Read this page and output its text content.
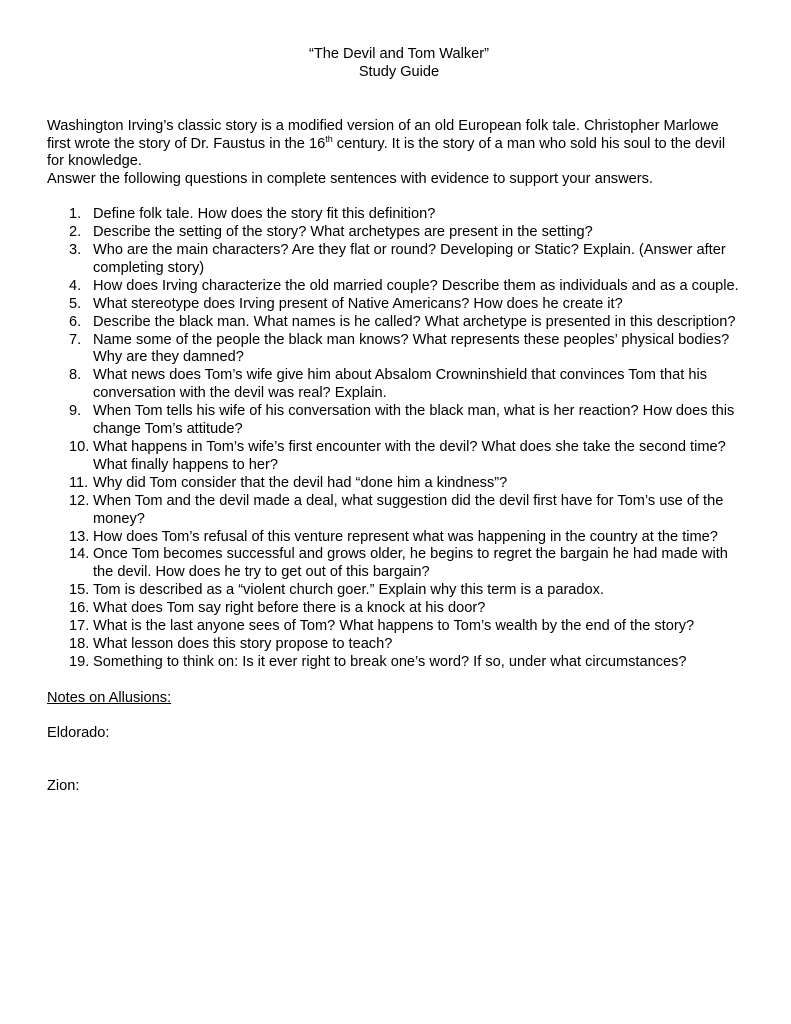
“The Devil and Tom Walker”
Study Guide

Washington Irving’s classic story is a modified version of an old European folk tale. Christopher Marlowe first wrote the story of Dr. Faustus in the 16th century. It is the story of a man who sold his soul to the devil for knowledge.

Answer the following questions in complete sentences with evidence to support your answers.

1. Define folk tale. How does the story fit this definition?
2. Describe the setting of the story? What archetypes are present in the setting?
3. Who are the main characters? Are they flat or round? Developing or Static? Explain. (Answer after completing story)
4. How does Irving characterize the old married couple? Describe them as individuals and as a couple.
5. What stereotype does Irving present of Native Americans? How does he create it?
6. Describe the black man. What names is he called? What archetype is presented in this description?
7. Name some of the people the black man knows? What represents these peoples’ physical bodies? Why are they damned?
8. What news does Tom’s wife give him about Absalom Crowninshield that convinces Tom that his conversation with the devil was real? Explain.
9. When Tom tells his wife of his conversation with the black man, what is her reaction? How does this change Tom’s attitude?
10. What happens in Tom’s wife’s first encounter with the devil? What does she take the second time? What finally happens to her?
11. Why did Tom consider that the devil had “done him a kindness”?
12. When Tom and the devil made a deal, what suggestion did the devil first have for Tom’s use of the money?
13. How does Tom’s refusal of this venture represent what was happening in the country at the time?
14. Once Tom becomes successful and grows older, he begins to regret the bargain he had made with the devil. How does he try to get out of this bargain?
15. Tom is described as a “violent church goer.” Explain why this term is a paradox.
16. What does Tom say right before there is a knock at his door?
17. What is the last anyone sees of Tom? What happens to Tom’s wealth by the end of the story?
18. What lesson does this story propose to teach?
19. Something to think on: Is it ever right to break one’s word? If so, under what circumstances?
Notes on Allusions:
Eldorado:
Zion:
